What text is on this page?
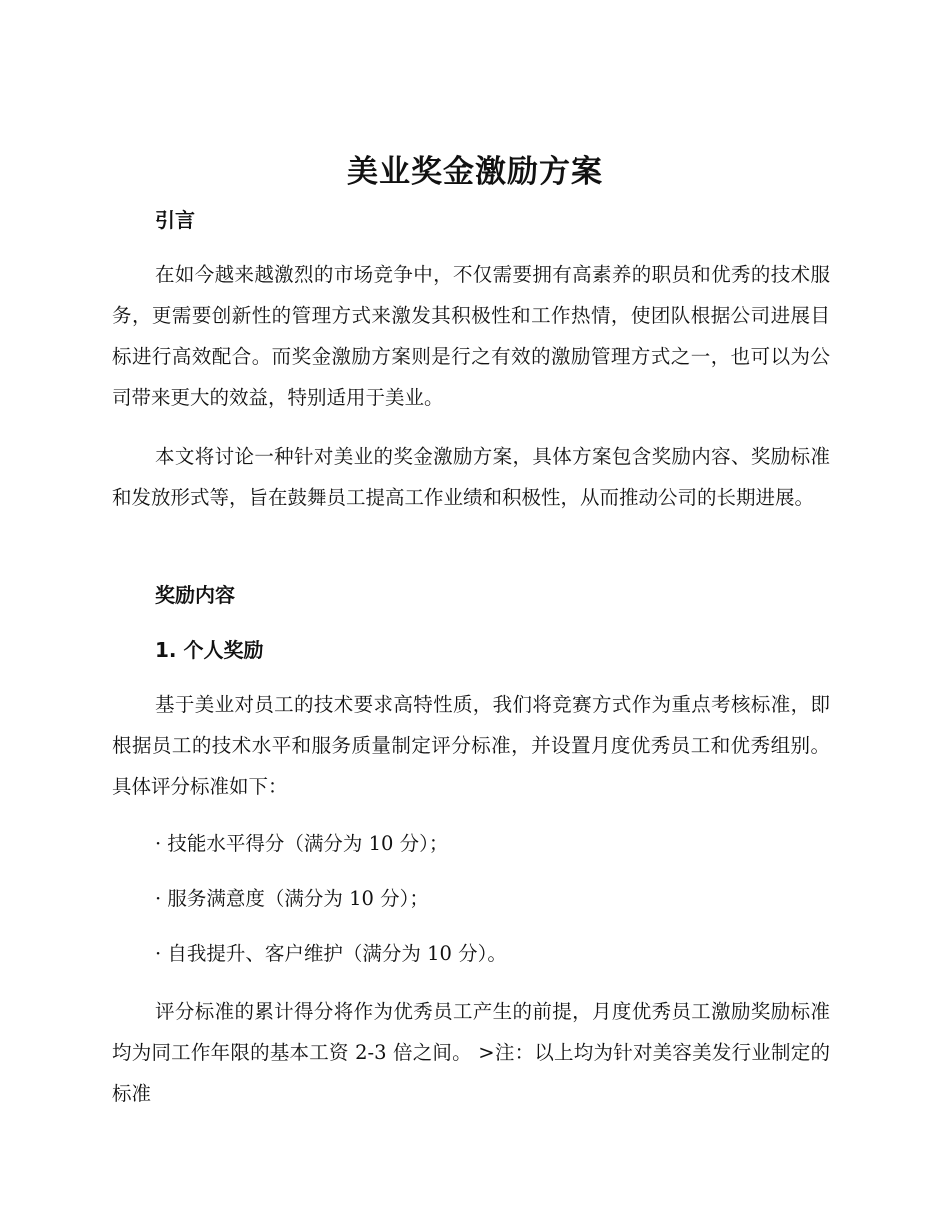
美业奖金激励方案
引言
在如今越来越激烈的市场竞争中，不仅需要拥有高素养的职员和优秀的技术服务，更需要创新性的管理方式来激发其积极性和工作热情，使团队根据公司进展目标进行高效配合。而奖金激励方案则是行之有效的激励管理方式之一，也可以为公司带来更大的效益，特别适用于美业。
本文将讨论一种针对美业的奖金激励方案，具体方案包含奖励内容、奖励标准和发放形式等，旨在鼓舞员工提高工作业绩和积极性，从而推动公司的长期进展。
奖励内容
1. 个人奖励
基于美业对员工的技术要求高特性质，我们将竞赛方式作为重点考核标准，即根据员工的技术水平和服务质量制定评分标准，并设置月度优秀员工和优秀组别。具体评分标准如下：
· 技能水平得分（满分为 10 分）；
· 服务满意度（满分为 10 分）；
· 自我提升、客户维护（满分为 10 分）。
评分标准的累计得分将作为优秀员工产生的前提，月度优秀员工激励奖励标准均为同工作年限的基本工资 2-3 倍之间。 >注：以上均为针对美容美发行业制定的标准
